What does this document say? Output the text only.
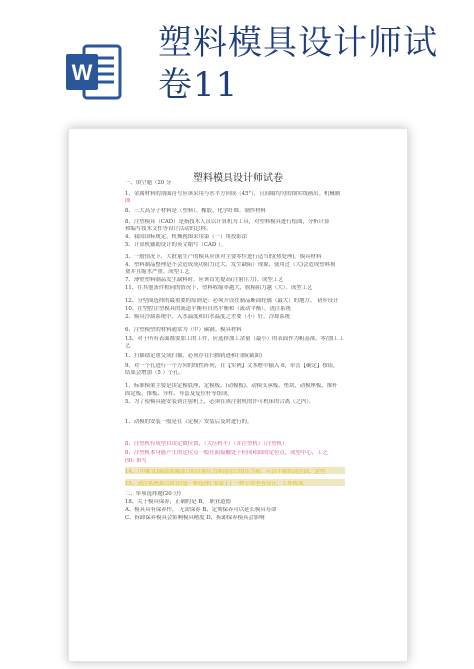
W
塑料模具设计师试
卷11
塑料模具设计师试卷
一、填空题（20 分
1、金属材料的剖面符号应该采用与水平方向成（45°），且间隔均匀的细实线画出。机械制
图
8、三大高分子材料是（塑料）、橡胶、化学纤维。制作材料
8、注塑模具（CAD）是指技术人员以计算机为工具，对塑料模具进行绘图，分析计算
和编写技术文件等设计活动的总称。
4、我国国标规定，机械视图采用第（一）角投影法
5、计算机辅助设计的英文缩写（CAD ）。
3、一般情况下，大批量生产的模具应该对主要零件进行适当的(热处理)。模具材料
4、塑料制品整理是不会造成成功阻力过大、发生缺陷）现象，使用过（大)会造成塑料损
费并且缩水严重。成型工艺
7、薄壁塑料制品发生缺料时，应该首先提高(注射压力)。成型工艺
11、在其他条件相同的情况下，塑料收缩率越大，脱模阻力越（大）。成型工艺
12、分型面选择的最重要的原则是：必须开设在制品断面轮廓（最大）的地方。 初步设计
10、在型腔注塑模具的流道平衡有自然平衡和（流动平衡）。浇注系统
2、模具冷却系统中，入水温度和出水温度之差要（小）好。冷却系统
6、注塑模塑的材料通常为（中）碳钢。模具材料
13、对于所有表面都要加工的工件，应选择加工余量（最小）的表面作为粗基准。零/加工工
艺
1、扫描锁定重交成扫描，必须存在扫描轨迹和扫描(截面)
9、对一个孔进行一个方向的线性阵列，在【实例】文本框中输入 6，单击【确定】按钮，
结果会增加（5 ）个孔。
1、标准模架主要是由定模底座、定模板、(动模板)、动模支承板、垫块、动模座板、推杆
固定板、推板、导柱、导套及复位杆等组成。
5、为了使模具能安装到注射机上，必须在该注射机的许可机床的合离（之内）。
1、动模的安装一般是在（定模）安装后及时进行的。
8、注塑机有成型自由定数位置，（大压机不）（并注塑机）（注塑机）
8、注塑机本身能产生的定位点一般在面接触处于但闭和面的定位点，成型中心，工艺
(9): 填写
14、（中断式)流道金属浇口的注射压力和浇注口的压力和，可以不解的浇注面。定型
15、浇注系统拼合时在(第一种选择) 安装 ( ) 一种专用型者设计，工作机床
二、单项选择题(20 分)
18、关于模具保养，正确的是 B。 职业道德
A、模具具有保养作， 无需保养 B、定期保养可以延长模具寿命
C、拆卸保养模具会影响模具精度 D、拆卸保养模具会影响
